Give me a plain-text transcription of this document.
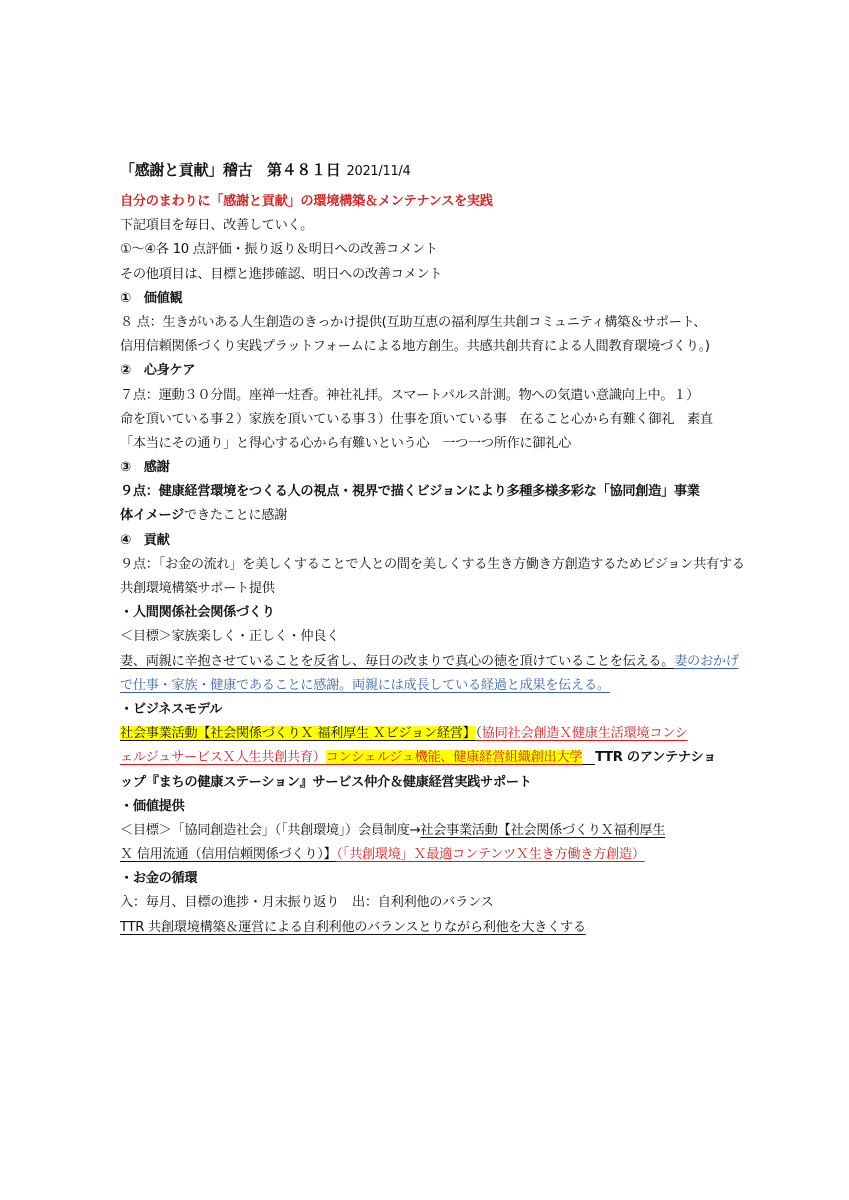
「感謝と貢献」稽古　第４８１日 2021/11/4
自分のまわりに「感謝と貢献」の環境構築＆メンテナンスを実践
下記項目を毎日、改善していく。
①～④各 10 点評価・振り返り＆明日への改善コメント
その他項目は、目標と進捗確認、明日への改善コメント
①　価値観
８ 点：生きがいある人生創造のきっかけ提供(互助互恵の福利厚生共創コミュニティ構築＆サポート、
信用信頼関係づくり実践プラットフォームによる地方創生。共感共創共育による人間教育環境づくり。)
②　心身ケア
７点：運動３０分間。座禅一炷香。神社礼拝。スマートパルス計測。物への気遣い意識向上中。１）
命を頂いている事２）家族を頂いている事３）仕事を頂いている事　在ること心から有難く御礼　素直
「本当にその通り」と得心する心から有難いという心　一つ一つ所作に御礼心
③　感謝
９点：健康経営環境をつくる人の視点・視界で描くビジョンにより多種多様多彩な「協同創造」事業
体イメージできたことに感謝
④　貢献
９点：「お金の流れ」を美しくすることで人との間を美しくする生き方働き方創造するためビジョン共有する
共創環境構築サポート提供
・人間関係社会関係づくり
＜目標＞家族楽しく・正しく・仲良く
妻、両親に辛抱させていることを反省し、毎日の改まりで真心の徳を頂けていることを伝える。妻のおかげ
で仕事・家族・健康であることに感謝。両親には成長している経過と成果を伝える。
・ビジネスモデル
社会事業活動【社会関係づくりＸ 福利厚生 Ｘビジョン経営】（協同社会創造Ｘ健康生活環境コンシ
ェルジュサービスＸ人生共創共育）コンシェルジュ機能、健康経営組織創出大学　 TTR のアンテナショ
ップ『まちの健康ステーション』サービス仲介＆健康経営実践サポート
・価値提供
＜目標＞「協同創造社会」（「共創環境」）会員制度→社会事業活動【社会関係づくりＸ福利厚生
Ｘ 信用流通（信用信頼関係づくり）】（「共創環境」Ｘ最適コンテンツＸ生き方働き方創造）
・お金の循環
入：毎月、目標の進捗・月末振り返り　出：自利利他のバランス
TTR 共創環境構築＆運営による自利利他のバランスとりながら利他を大きくする
